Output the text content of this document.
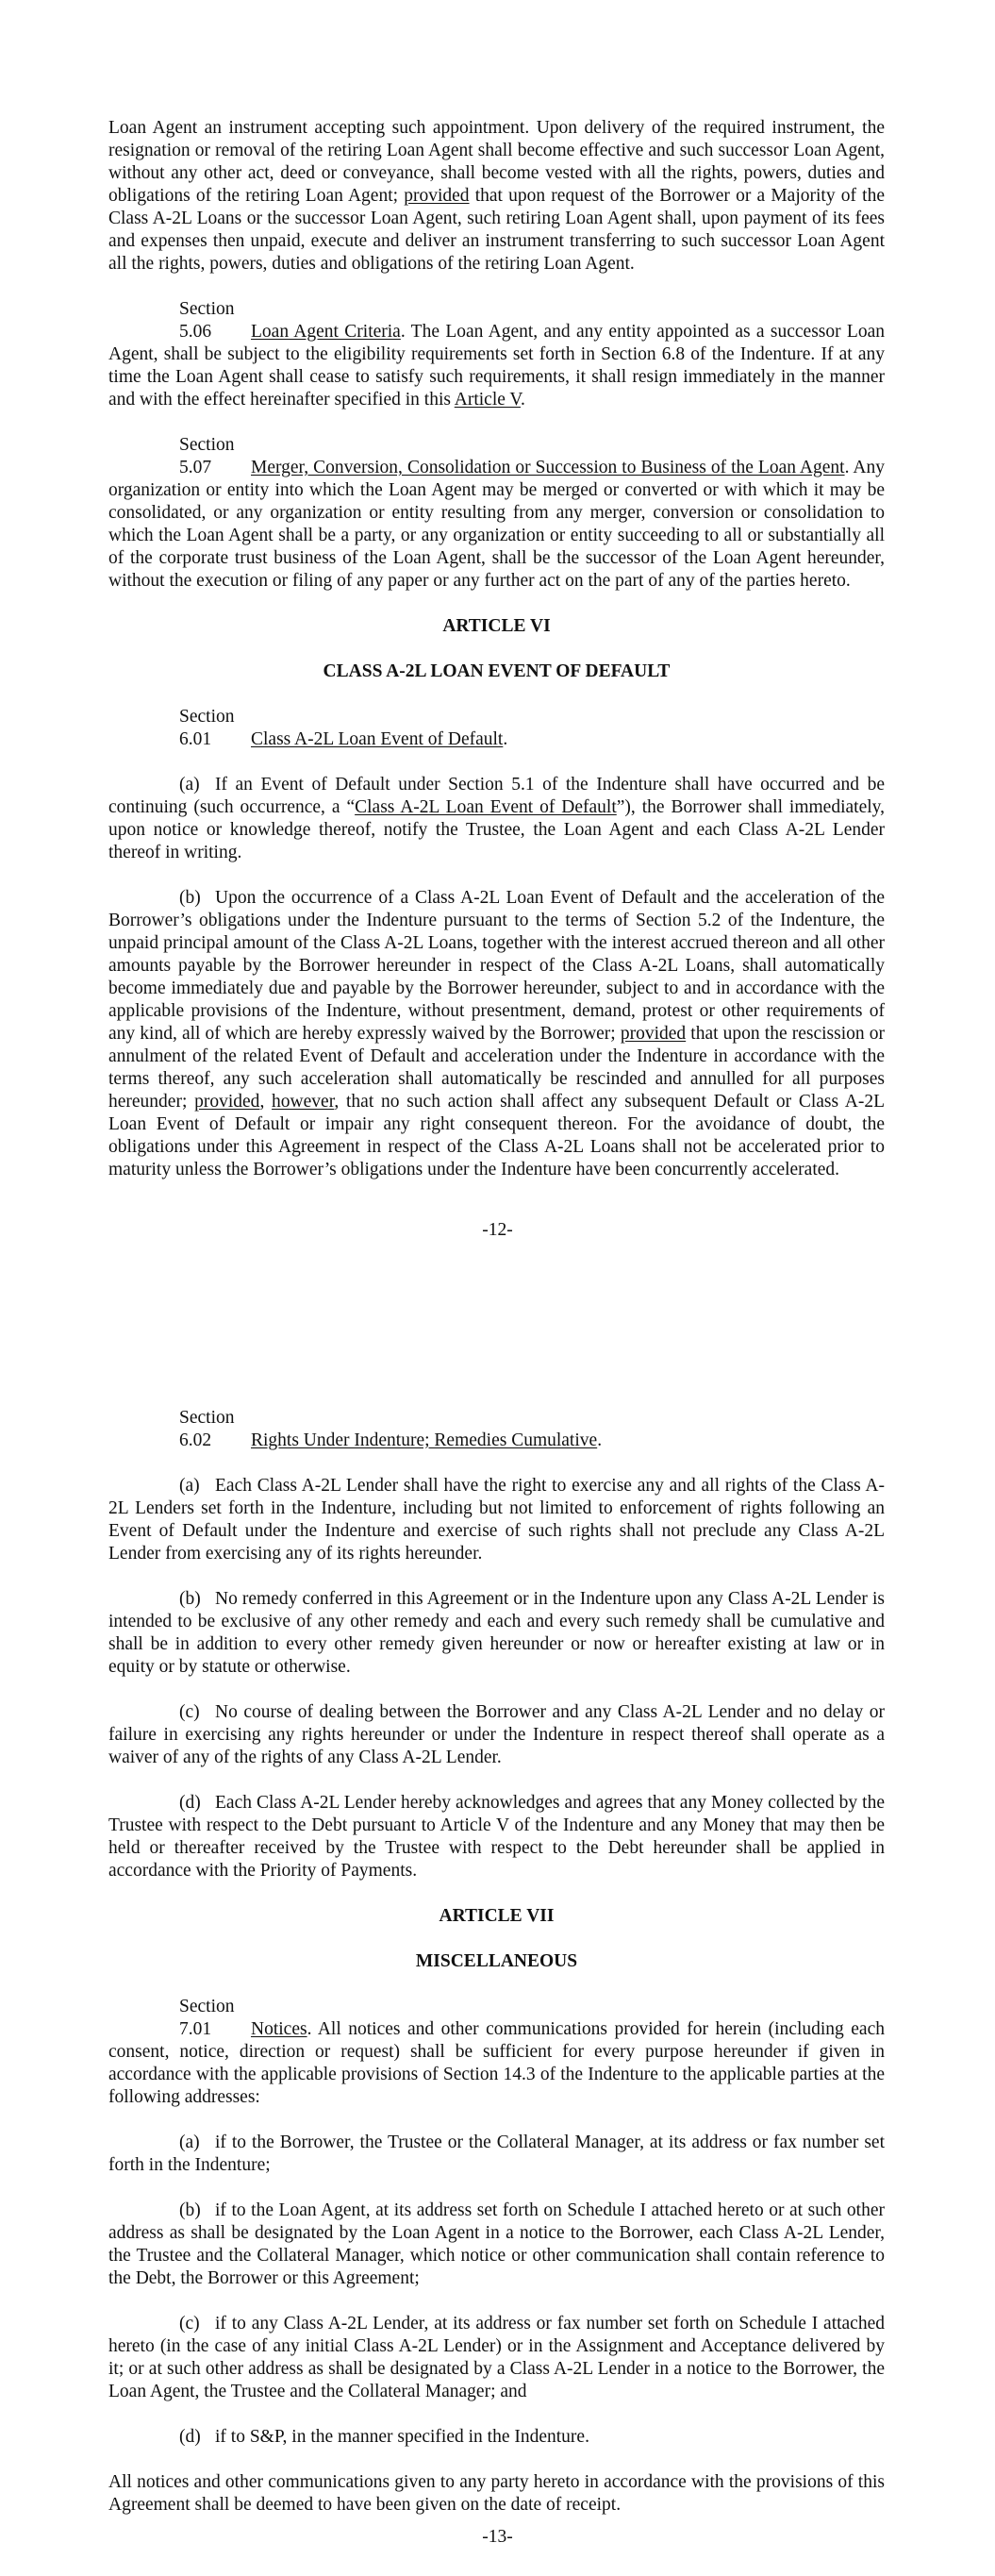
Loan Agent an instrument accepting such appointment. Upon delivery of the required instrument, the resignation or removal of the retiring Loan Agent shall become effective and such successor Loan Agent, without any other act, deed or conveyance, shall become vested with all the rights, powers, duties and obligations of the retiring Loan Agent; provided that upon request of the Borrower or a Majority of the Class A-2L Loans or the successor Loan Agent, such retiring Loan Agent shall, upon payment of its fees and expenses then unpaid, execute and deliver an instrument transferring to such successor Loan Agent all the rights, powers, duties and obligations of the retiring Loan Agent.

Section 5.06 Loan Agent Criteria. The Loan Agent, and any entity appointed as a successor Loan Agent, shall be subject to the eligibility requirements set forth in Section 6.8 of the Indenture. If at any time the Loan Agent shall cease to satisfy such requirements, it shall resign immediately in the manner and with the effect hereinafter specified in this Article V.

Section 5.07 Merger, Conversion, Consolidation or Succession to Business of the Loan Agent. Any organization or entity into which the Loan Agent may be merged or converted or with which it may be consolidated, or any organization or entity resulting from any merger, conversion or consolidation to which the Loan Agent shall be a party, or any organization or entity succeeding to all or substantially all of the corporate trust business of the Loan Agent, shall be the successor of the Loan Agent hereunder, without the execution or filing of any paper or any further act on the part of any of the parties hereto.

ARTICLE VI

CLASS A-2L LOAN EVENT OF DEFAULT

Section 6.01 Class A-2L Loan Event of Default.

(a) If an Event of Default under Section 5.1 of the Indenture shall have occurred and be continuing (such occurrence, a “Class A-2L Loan Event of Default”), the Borrower shall immediately, upon notice or knowledge thereof, notify the Trustee, the Loan Agent and each Class A-2L Lender thereof in writing.

(b) Upon the occurrence of a Class A-2L Loan Event of Default and the acceleration of the Borrower’s obligations under the Indenture pursuant to the terms of Section 5.2 of the Indenture, the unpaid principal amount of the Class A-2L Loans, together with the interest accrued thereon and all other amounts payable by the Borrower hereunder in respect of the Class A-2L Loans, shall automatically become immediately due and payable by the Borrower hereunder, subject to and in accordance with the applicable provisions of the Indenture, without presentment, demand, protest or other requirements of any kind, all of which are hereby expressly waived by the Borrower; provided that upon the rescission or annulment of the related Event of Default and acceleration under the Indenture in accordance with the terms thereof, any such acceleration shall automatically be rescinded and annulled for all purposes hereunder; provided, however, that no such action shall affect any subsequent Default or Class A-2L Loan Event of Default or impair any right consequent thereon. For the avoidance of doubt, the obligations under this Agreement in respect of the Class A-2L Loans shall not be accelerated prior to maturity unless the Borrower’s obligations under the Indenture have been concurrently accelerated.

-12-

Section 6.02 Rights Under Indenture; Remedies Cumulative.

(a) Each Class A-2L Lender shall have the right to exercise any and all rights of the Class A-2L Lenders set forth in the Indenture, including but not limited to enforcement of rights following an Event of Default under the Indenture and exercise of such rights shall not preclude any Class A-2L Lender from exercising any of its rights hereunder.

(b) No remedy conferred in this Agreement or in the Indenture upon any Class A-2L Lender is intended to be exclusive of any other remedy and each and every such remedy shall be cumulative and shall be in addition to every other remedy given hereunder or now or hereafter existing at law or in equity or by statute or otherwise.

(c) No course of dealing between the Borrower and any Class A-2L Lender and no delay or failure in exercising any rights hereunder or under the Indenture in respect thereof shall operate as a waiver of any of the rights of any Class A-2L Lender.

(d) Each Class A-2L Lender hereby acknowledges and agrees that any Money collected by the Trustee with respect to the Debt pursuant to Article V of the Indenture and any Money that may then be held or thereafter received by the Trustee with respect to the Debt hereunder shall be applied in accordance with the Priority of Payments.

ARTICLE VII

MISCELLANEOUS

Section 7.01 Notices. All notices and other communications provided for herein (including each consent, notice, direction or request) shall be sufficient for every purpose hereunder if given in accordance with the applicable provisions of Section 14.3 of the Indenture to the applicable parties at the following addresses:

(a) if to the Borrower, the Trustee or the Collateral Manager, at its address or fax number set forth in the Indenture;

(b) if to the Loan Agent, at its address set forth on Schedule I attached hereto or at such other address as shall be designated by the Loan Agent in a notice to the Borrower, each Class A-2L Lender, the Trustee and the Collateral Manager, which notice or other communication shall contain reference to the Debt, the Borrower or this Agreement;

(c) if to any Class A-2L Lender, at its address or fax number set forth on Schedule I attached hereto (in the case of any initial Class A-2L Lender) or in the Assignment and Acceptance delivered by it; or at such other address as shall be designated by a Class A-2L Lender in a notice to the Borrower, the Loan Agent, the Trustee and the Collateral Manager; and

(d) if to S&P, in the manner specified in the Indenture.

All notices and other communications given to any party hereto in accordance with the provisions of this Agreement shall be deemed to have been given on the date of receipt.

-13-
